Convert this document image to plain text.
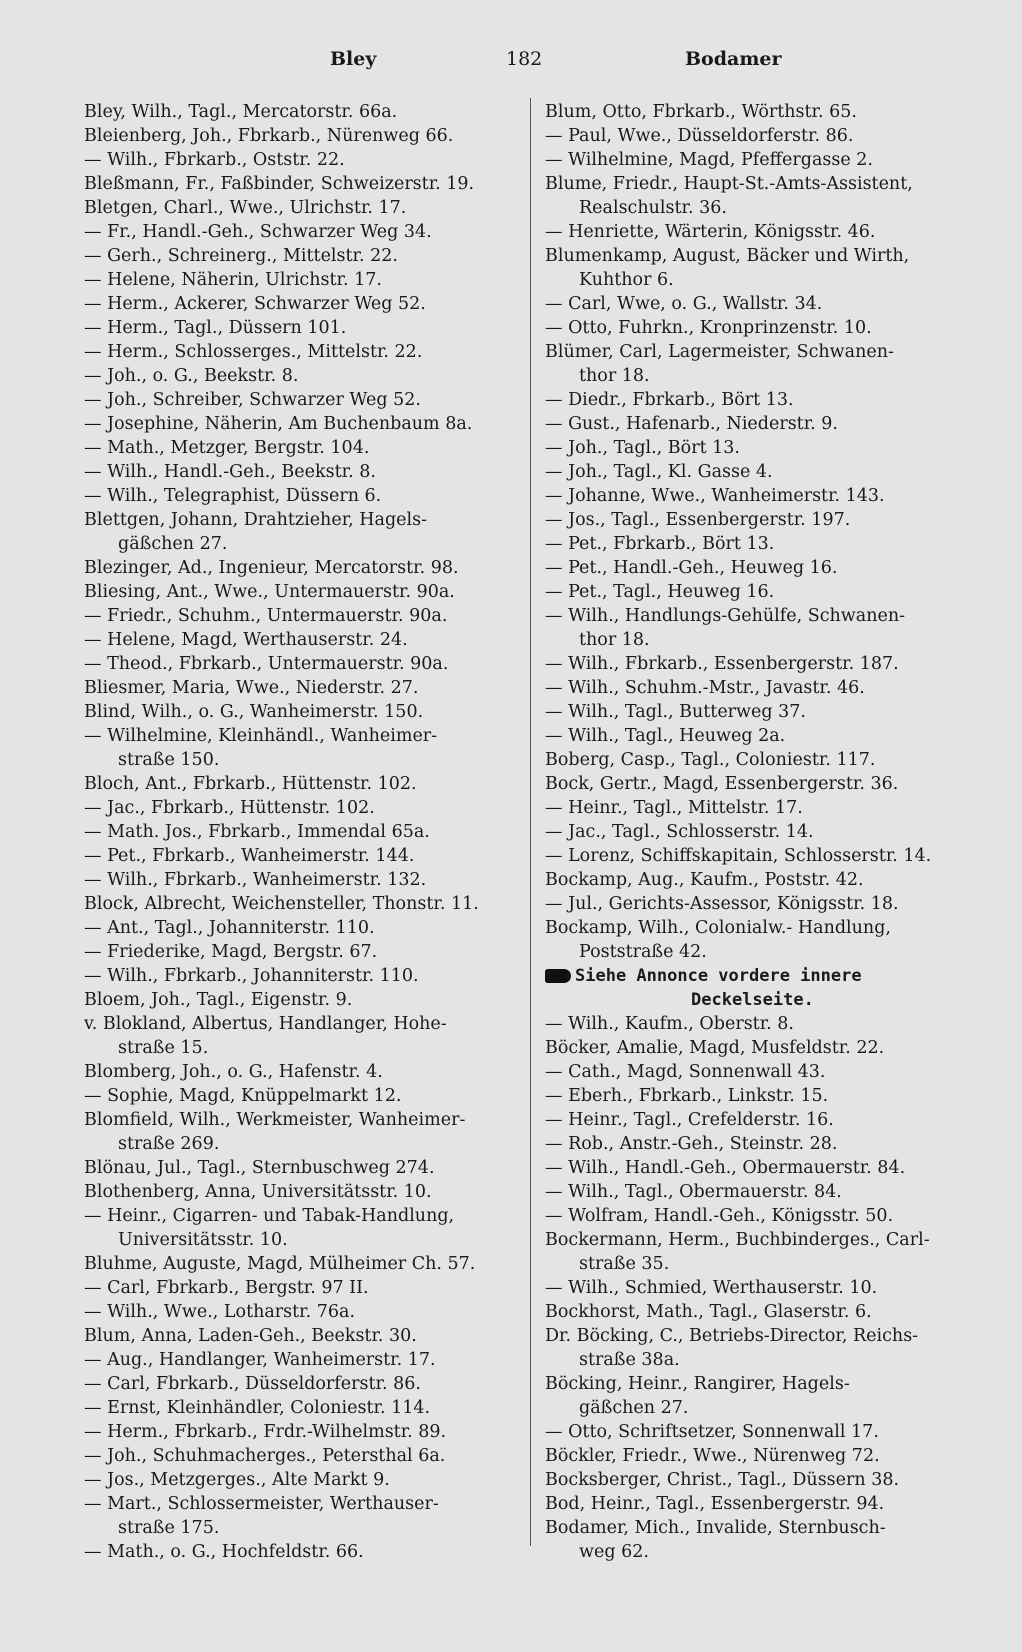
Bley	182	Bodamer
Bley, Wilh., Tagl., Mercatorstr. 66a.
Bleienberg, Joh., Fbrkarb., Nürenweg 66.
— Wilh., Fbrkarb., Oststr. 22.
Bleßmann, Fr., Faßbinder, Schweizerstr. 19.
Bletgen, Charl., Wwe., Ulrichstr. 17.
— Fr., Handl.-Geh., Schwarzer Weg 34.
— Gerh., Schreinerg., Mittelstr. 22.
— Helene, Näherin, Ulrichstr. 17.
— Herm., Ackerer, Schwarzer Weg 52.
— Herm., Tagl., Düssern 101.
— Herm., Schlosserges., Mittelstr. 22.
— Joh., o. G., Beekstr. 8.
— Joh., Schreiber, Schwarzer Weg 52.
— Josephine, Näherin, Am Buchenbaum 8a.
— Math., Metzger, Bergstr. 104.
— Wilh., Handl.-Geh., Beekstr. 8.
— Wilh., Telegraphist, Düssern 6.
Blettgen, Johann, Drahtzieher, Hagels-
gäßchen 27.
Blezinger, Ad., Ingenieur, Mercatorstr. 98.
Bliesing, Ant., Wwe., Untermauerstr. 90a.
— Friedr., Schuhm., Untermauerstr. 90a.
— Helene, Magd, Werthauserstr. 24.
— Theod., Fbrkarb., Untermauerstr. 90a.
Bliesmer, Maria, Wwe., Niederstr. 27.
Blind, Wilh., o. G., Wanheimerstr. 150.
— Wilhelmine, Kleinhändl., Wanheimer-
straße 150.
Bloch, Ant., Fbrkarb., Hüttenstr. 102.
— Jac., Fbrkarb., Hüttenstr. 102.
— Math. Jos., Fbrkarb., Immendal 65a.
— Pet., Fbrkarb., Wanheimerstr. 144.
— Wilh., Fbrkarb., Wanheimerstr. 132.
Block, Albrecht, Weichensteller, Thonstr. 11.
— Ant., Tagl., Johanniterstr. 110.
— Friederike, Magd, Bergstr. 67.
— Wilh., Fbrkarb., Johanniterstr. 110.
Bloem, Joh., Tagl., Eigenstr. 9.
v. Blokland, Albertus, Handlanger, Hohe-
straße 15.
Blomberg, Joh., o. G., Hafenstr. 4.
— Sophie, Magd, Knüppelmarkt 12.
Blomfield, Wilh., Werkmeister, Wanheimer-
straße 269.
Blönau, Jul., Tagl., Sternbuschweg 274.
Blothenberg, Anna, Universitätsstr. 10.
— Heinr., Cigarren- und Tabak-Handlung,
Universitätsstr. 10.
Bluhme, Auguste, Magd, Mülheimer Ch. 57.
— Carl, Fbrkarb., Bergstr. 97 II.
— Wilh., Wwe., Lotharstr. 76a.
Blum, Anna, Laden-Geh., Beekstr. 30.
— Aug., Handlanger, Wanheimerstr. 17.
— Carl, Fbrkarb., Düsseldorferstr. 86.
— Ernst, Kleinhändler, Coloniestr. 114.
— Herm., Fbrkarb., Frdr.-Wilhelmstr. 89.
— Joh., Schuhmacherges., Petersthal 6a.
— Jos., Metzgerges., Alte Markt 9.
— Mart., Schlossermeister, Werthauser-
straße 175.
— Math., o. G., Hochfeldstr. 66.
Blum, Otto, Fbrkarb., Wörthstr. 65.
— Paul, Wwe., Düsseldorferstr. 86.
— Wilhelmine, Magd, Pfeffergasse 2.
Blume, Friedr., Haupt-St.-Amts-Assistent,
Realschulstr. 36.
— Henriette, Wärterin, Königsstr. 46.
Blumenkamp, August, Bäcker und Wirth,
Kuhthor 6.
— Carl, Wwe, o. G., Wallstr. 34.
— Otto, Fuhrkn., Kronprinzenstr. 10.
Blümer, Carl, Lagermeister, Schwanen-
thor 18.
— Diedr., Fbrkarb., Bört 13.
— Gust., Hafenarb., Niederstr. 9.
— Joh., Tagl., Bört 13.
— Joh., Tagl., Kl. Gasse 4.
— Johanne, Wwe., Wanheimerstr. 143.
— Jos., Tagl., Essenbergerstr. 197.
— Pet., Fbrkarb., Bört 13.
— Pet., Handl.-Geh., Heuweg 16.
— Pet., Tagl., Heuweg 16.
— Wilh., Handlungs-Gehülfe, Schwanen-
thor 18.
— Wilh., Fbrkarb., Essenbergerstr. 187.
— Wilh., Schuhm.-Mstr., Javastr. 46.
— Wilh., Tagl., Butterweg 37.
— Wilh., Tagl., Heuweg 2a.
Boberg, Casp., Tagl., Coloniestr. 117.
Bock, Gertr., Magd, Essenbergerstr. 36.
— Heinr., Tagl., Mittelstr. 17.
— Jac., Tagl., Schlosserstr. 14.
— Lorenz, Schiffskapitain, Schlosserstr. 14.
Bockamp, Aug., Kaufm., Poststr. 42.
— Jul., Gerichts-Assessor, Königsstr. 18.
Bockamp, Wilh., Colonialw.- Handlung,
Poststraße 42.
Siehe Annonce vordere innere
Deckelseite.
— Wilh., Kaufm., Oberstr. 8.
Böcker, Amalie, Magd, Musfeldstr. 22.
— Cath., Magd, Sonnenwall 43.
— Eberh., Fbrkarb., Linkstr. 15.
— Heinr., Tagl., Crefelderstr. 16.
— Rob., Anstr.-Geh., Steinstr. 28.
— Wilh., Handl.-Geh., Obermauerstr. 84.
— Wilh., Tagl., Obermauerstr. 84.
— Wolfram, Handl.-Geh., Königsstr. 50.
Bockermann, Herm., Buchbinderges., Carl-
straße 35.
— Wilh., Schmied, Werthauserstr. 10.
Bockhorst, Math., Tagl., Glaserstr. 6.
Dr. Böcking, C., Betriebs-Director, Reichs-
straße 38a.
Böcking, Heinr., Rangirer, Hagels-
gäßchen 27.
— Otto, Schriftsetzer, Sonnenwall 17.
Böckler, Friedr., Wwe., Nürenweg 72.
Bocksberger, Christ., Tagl., Düssern 38.
Bod, Heinr., Tagl., Essenbergerstr. 94.
Bodamer, Mich., Invalide, Sternbusch-
weg 62.
